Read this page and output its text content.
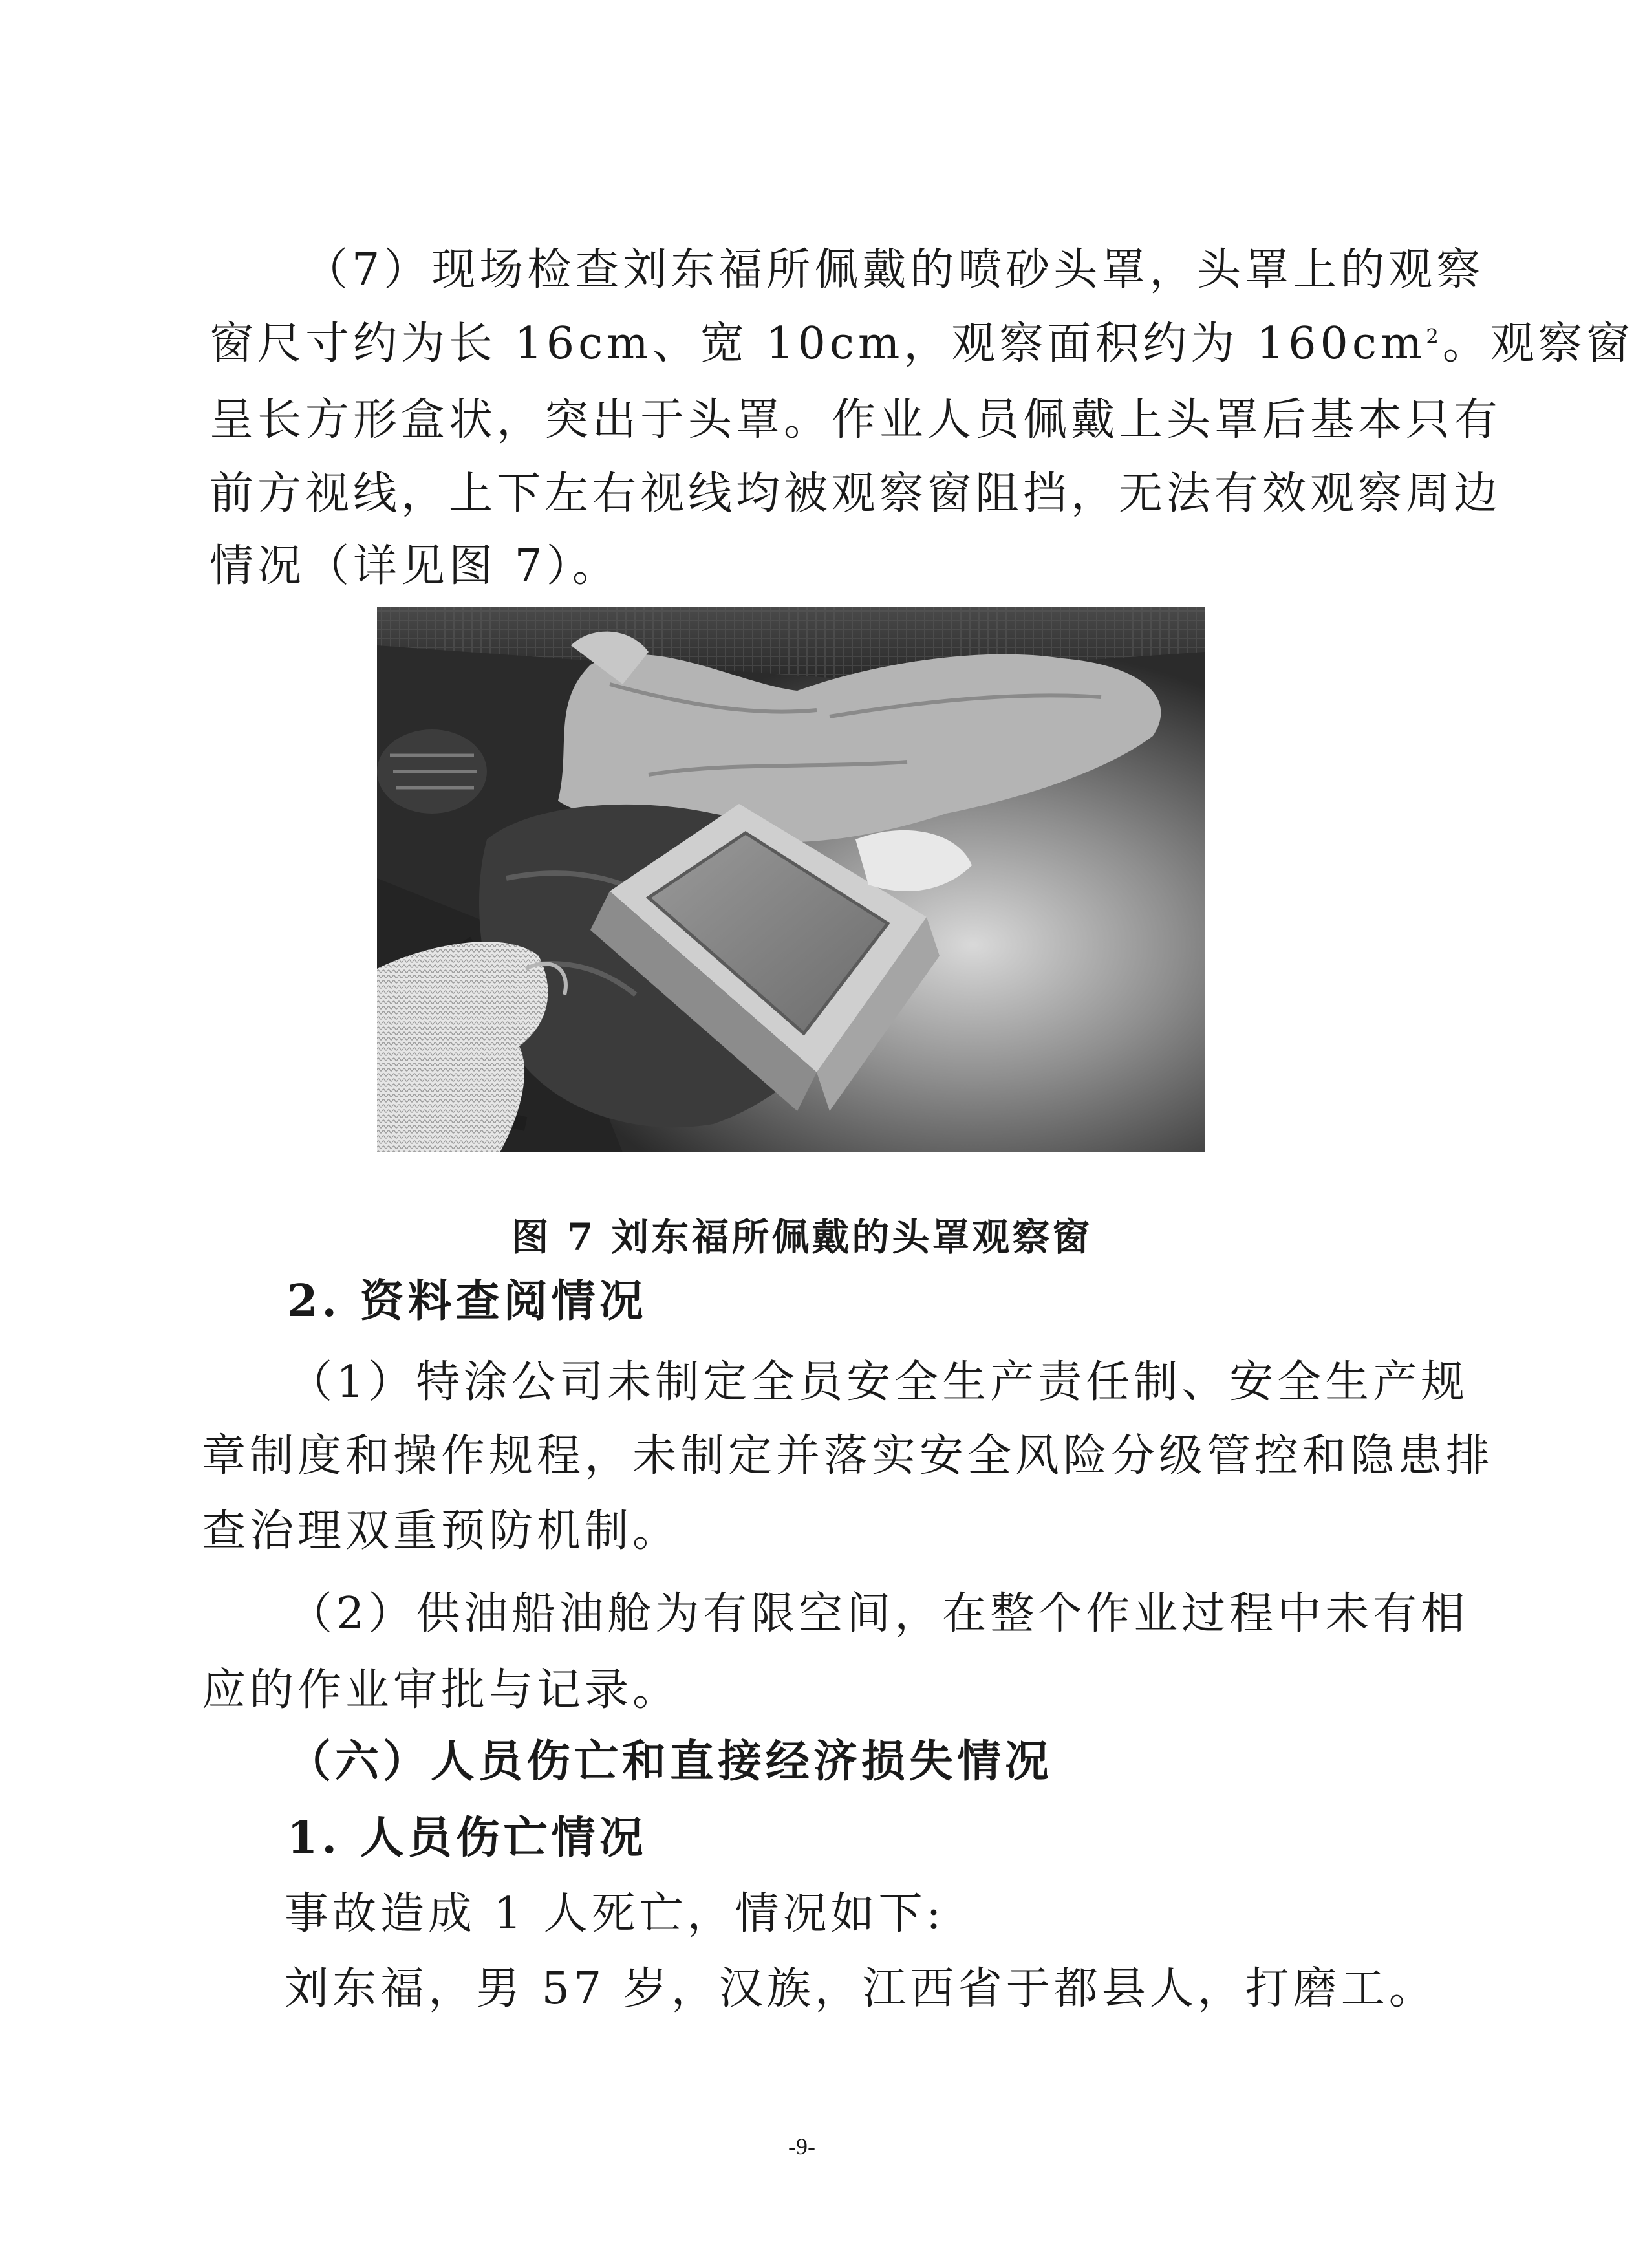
（7）现场检查刘东福所佩戴的喷砂头罩，头罩上的观察

窗尺寸约为长 16cm、宽 10cm，观察面积约为 $160cm^2$。观察窗

呈长方形盒状，突出于头罩。作业人员佩戴上头罩后基本只有

前方视线，上下左右视线均被观察窗阻挡，无法有效观察周边

情况（详见图 7）。

图 7 刘东福所佩戴的头罩观察窗

2. 资料查阅情况

（1）特涂公司未制定全员安全生产责任制、安全生产规

章制度和操作规程，未制定并落实安全风险分级管控和隐患排

查治理双重预防机制。

（2）供油船油舱为有限空间，在整个作业过程中未有相

应的作业审批与记录。

（六）人员伤亡和直接经济损失情况

1. 人员伤亡情况

事故造成 1 人死亡，情况如下:

刘东福，男 57 岁，汉族，江西省于都县人，打磨工。

-9-
